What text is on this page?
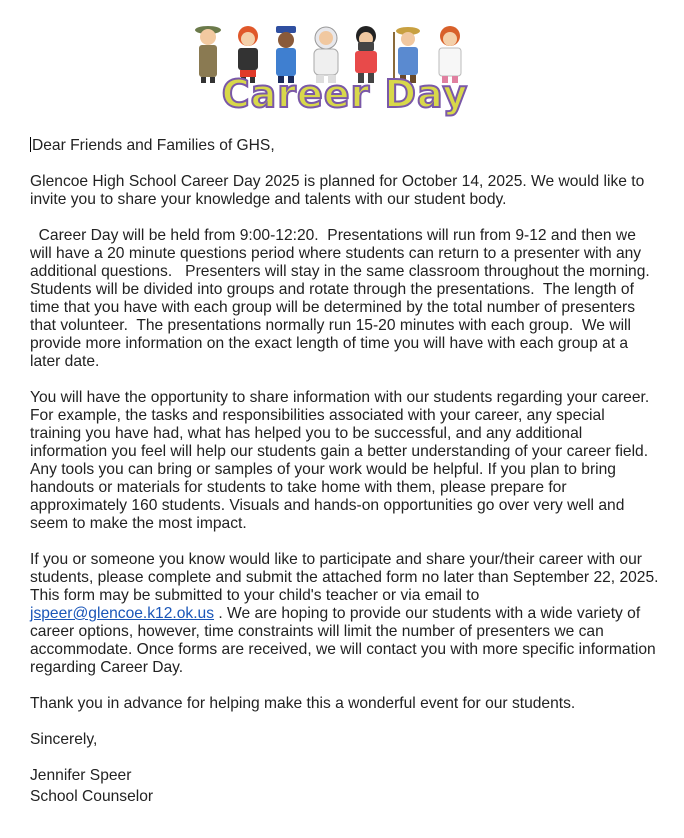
Career Day

Dear Friends and Families of GHS,

Glencoe High School Career Day 2025 is planned for October 14, 2025. We would like to invite you to share your knowledge and talents with our student body.

Career Day will be held from 9:00-12:20.  Presentations will run from 9-12 and then we will have a 20 minute questions period where students can return to a presenter with any additional questions.   Presenters will stay in the same classroom throughout the morning.  Students will be divided into groups and rotate through the presentations.  The length of time that you have with each group will be determined by the total number of presenters that volunteer.  The presentations normally run 15-20 minutes with each group.  We will provide more information on the exact length of time you will have with each group at a later date.

You will have the opportunity to share information with our students regarding your career. For example, the tasks and responsibilities associated with your career, any special training you have had, what has helped you to be successful, and any additional information you feel will help our students gain a better understanding of your career field. Any tools you can bring or samples of your work would be helpful. If you plan to bring handouts or materials for students to take home with them, please prepare for approximately 160 students. Visuals and hands-on opportunities go over very well and seem to make the most impact.

If you or someone you know would like to participate and share your/their career with our students, please complete and submit the attached form no later than September 22, 2025. This form may be submitted to your child's teacher or via email to jspeer@glencoe.k12.ok.us . We are hoping to provide our students with a wide variety of career options, however, time constraints will limit the number of presenters we can accommodate. Once forms are received, we will contact you with more specific information regarding Career Day.

Thank you in advance for helping make this a wonderful event for our students.

Sincerely,

Jennifer Speer

School Counselor
